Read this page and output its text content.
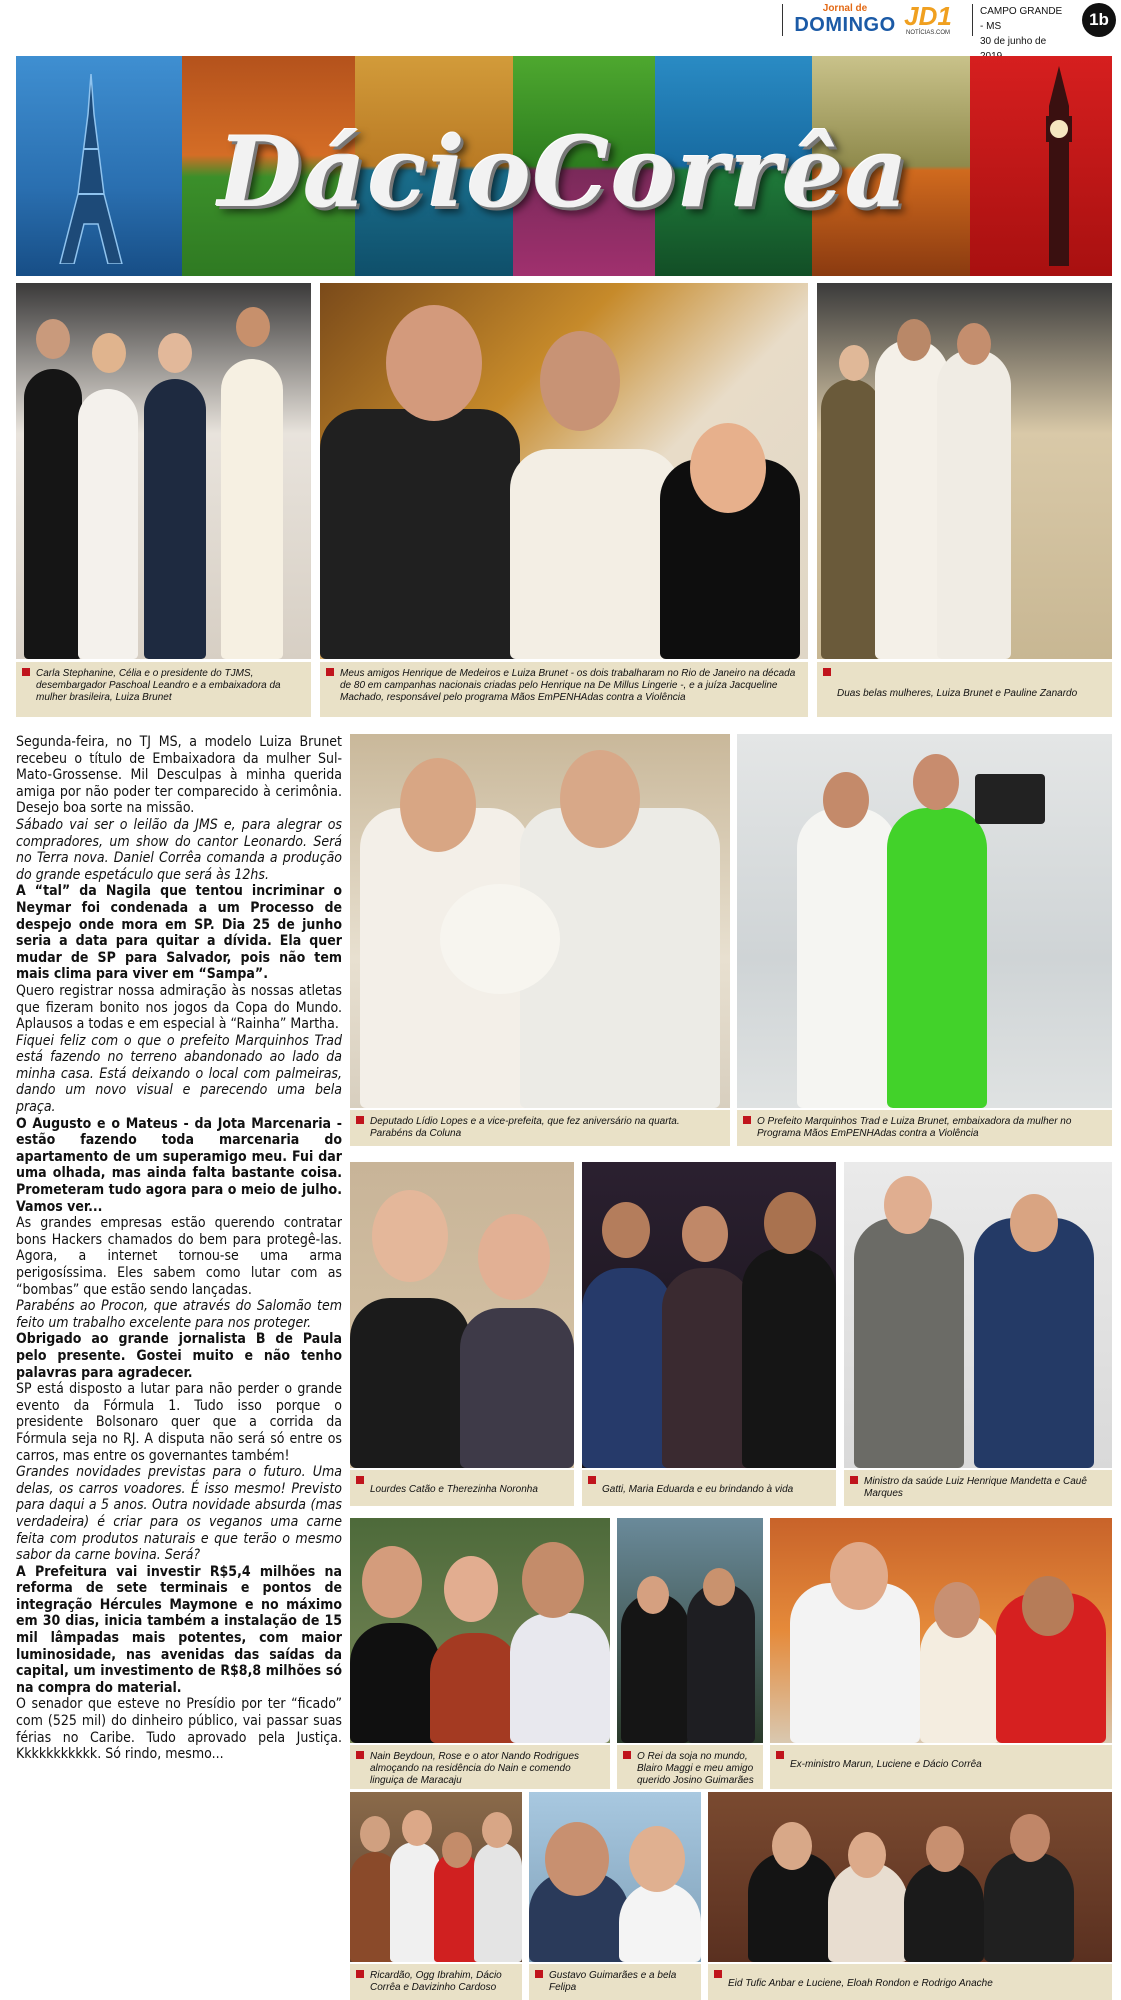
Jornal de
DOMINGO JD1
NOTÍCIAS.COM
CAMPO GRANDE - MS
30 de junho de
1b
DácioCorrêa
Carla Stephanine, Célia e o presidente do TJMS, desembargador Paschoal Leandro e a embaixadora da mulher brasileira, Luiza Brunet
Meus amigos Henrique de Medeiros e Luiza Brunet - os dois trabalharam no Rio de Janeiro na década de 80 em campanhas nacionais criadas pelo Henrique na De Millus Lingerie -, e a juíza Jacqueline Machado, responsável pelo programa Mãos EmPENHAdas contra a Violência	Duas belas mulheres, Luiza Brunet e Pauline Zanardo

Segunda-feira, no TJ MS, a modelo Luiza Brunet recebeu o título de Embaixadora da mulher Sul-Mato-Grossense. Mil Desculpas à minha querida amiga por não poder ter comparecido à cerimônia. Desejo boa sorte na missão.

Sábado vai ser o leilão da JMS e, para alegrar os compradores, um show do cantor Leonardo. Será no Terra nova. Daniel Corrêa comanda a produção do grande espetáculo que será às 12hs.

A “tal” da Nagila que tentou incriminar o Neymar foi condenada a um Processo de despejo onde mora em SP. Dia 25 de junho seria a data para quitar a dívida. Ela quer mudar de SP para Salvador, pois não tem mais clima para viver em “Sampa”.

Quero registrar nossa admiração às nossas atletas que fizeram bonito nos jogos da Copa do Mundo. Aplausos a todas e em especial à “Rainha” Martha.

Fiquei feliz com o que o prefeito Marquinhos Trad está fazendo no terreno abandonado ao lado da minha casa. Está deixando o local com palmeiras, dando um novo visual e parecendo uma bela praça.

O Augusto e o Mateus - da Jota Marcenaria - estão fazendo toda marcenaria do apartamento de um superamigo meu. Fui dar uma olhada, mas ainda falta bastante coisa. Prometeram tudo agora para o meio de julho. Vamos ver...

As grandes empresas estão querendo contratar bons Hackers chamados do bem para protegê-las. Agora, a internet tornou-se uma arma perigosíssima. Eles sabem como lutar com as “bombas” que estão sendo lançadas.

Parabéns ao Procon, que através do Salomão tem feito um trabalho excelente para nos proteger.

Obrigado ao grande jornalista B de Paula pelo presente. Gostei muito e não tenho palavras para agradecer.

SP está disposto a lutar para não perder o grande evento da Fórmula 1. Tudo isso porque o presidente Bolsonaro quer que a corrida da Fórmula seja no RJ. A disputa não será só entre os carros, mas entre os governantes também!

Grandes novidades previstas para o futuro. Uma delas, os carros voadores. É isso mesmo! Previsto para daqui a 5 anos. Outra novidade absurda (mas verdadeira) é criar para os veganos uma carne feita com produtos naturais e que terão o mesmo sabor da carne bovina. Será?

A Prefeitura vai investir R$5,4 milhões na reforma de sete terminais e pontos de integração Hércules Maymone e no máximo em 30 dias, inicia também a instalação de 15 mil lâmpadas mais potentes, com maior luminosidade, nas avenidas das saídas da capital, um investimento de R$8,8 milhões só na compra do material.

O senador que esteve no Presídio por ter “ficado” com (525 mil) do dinheiro público, vai passar suas férias no Caribe. Tudo aprovado pela Justiça. Kkkkkkkkkkk. Só rindo, mesmo...

Deputado Lídio Lopes e a vice-prefeita, que fez aniversário na quarta. Parabéns da Coluna
O Prefeito Marquinhos Trad e Luiza Brunet, embaixadora da mulher no Programa Mãos EmPENHAdas contra a Violência
Lourdes Catão e Therezinha Noronha	Gatti, Maria Eduarda e eu brindando à vida
Ministro da saúde Luiz Henrique Mandetta e Cauê Marques
Nain Beydoun, Rose e o ator Nando Rodrigues almoçando na residência do Nain e comendo linguiça de Maracaju
O Rei da soja no mundo, Blairo Maggi e meu amigo querido Josino Guimarães
Ex-ministro Marun, Luciene e Dácio Corrêa
Ricardão, Ogg Ibrahim, Dácio Corrêa e Davizinho Cardoso
Gustavo Guimarães e a bela Felipa	Eid Tufic Anbar e Luciene, Eloah Rondon e Rodrigo Anache
